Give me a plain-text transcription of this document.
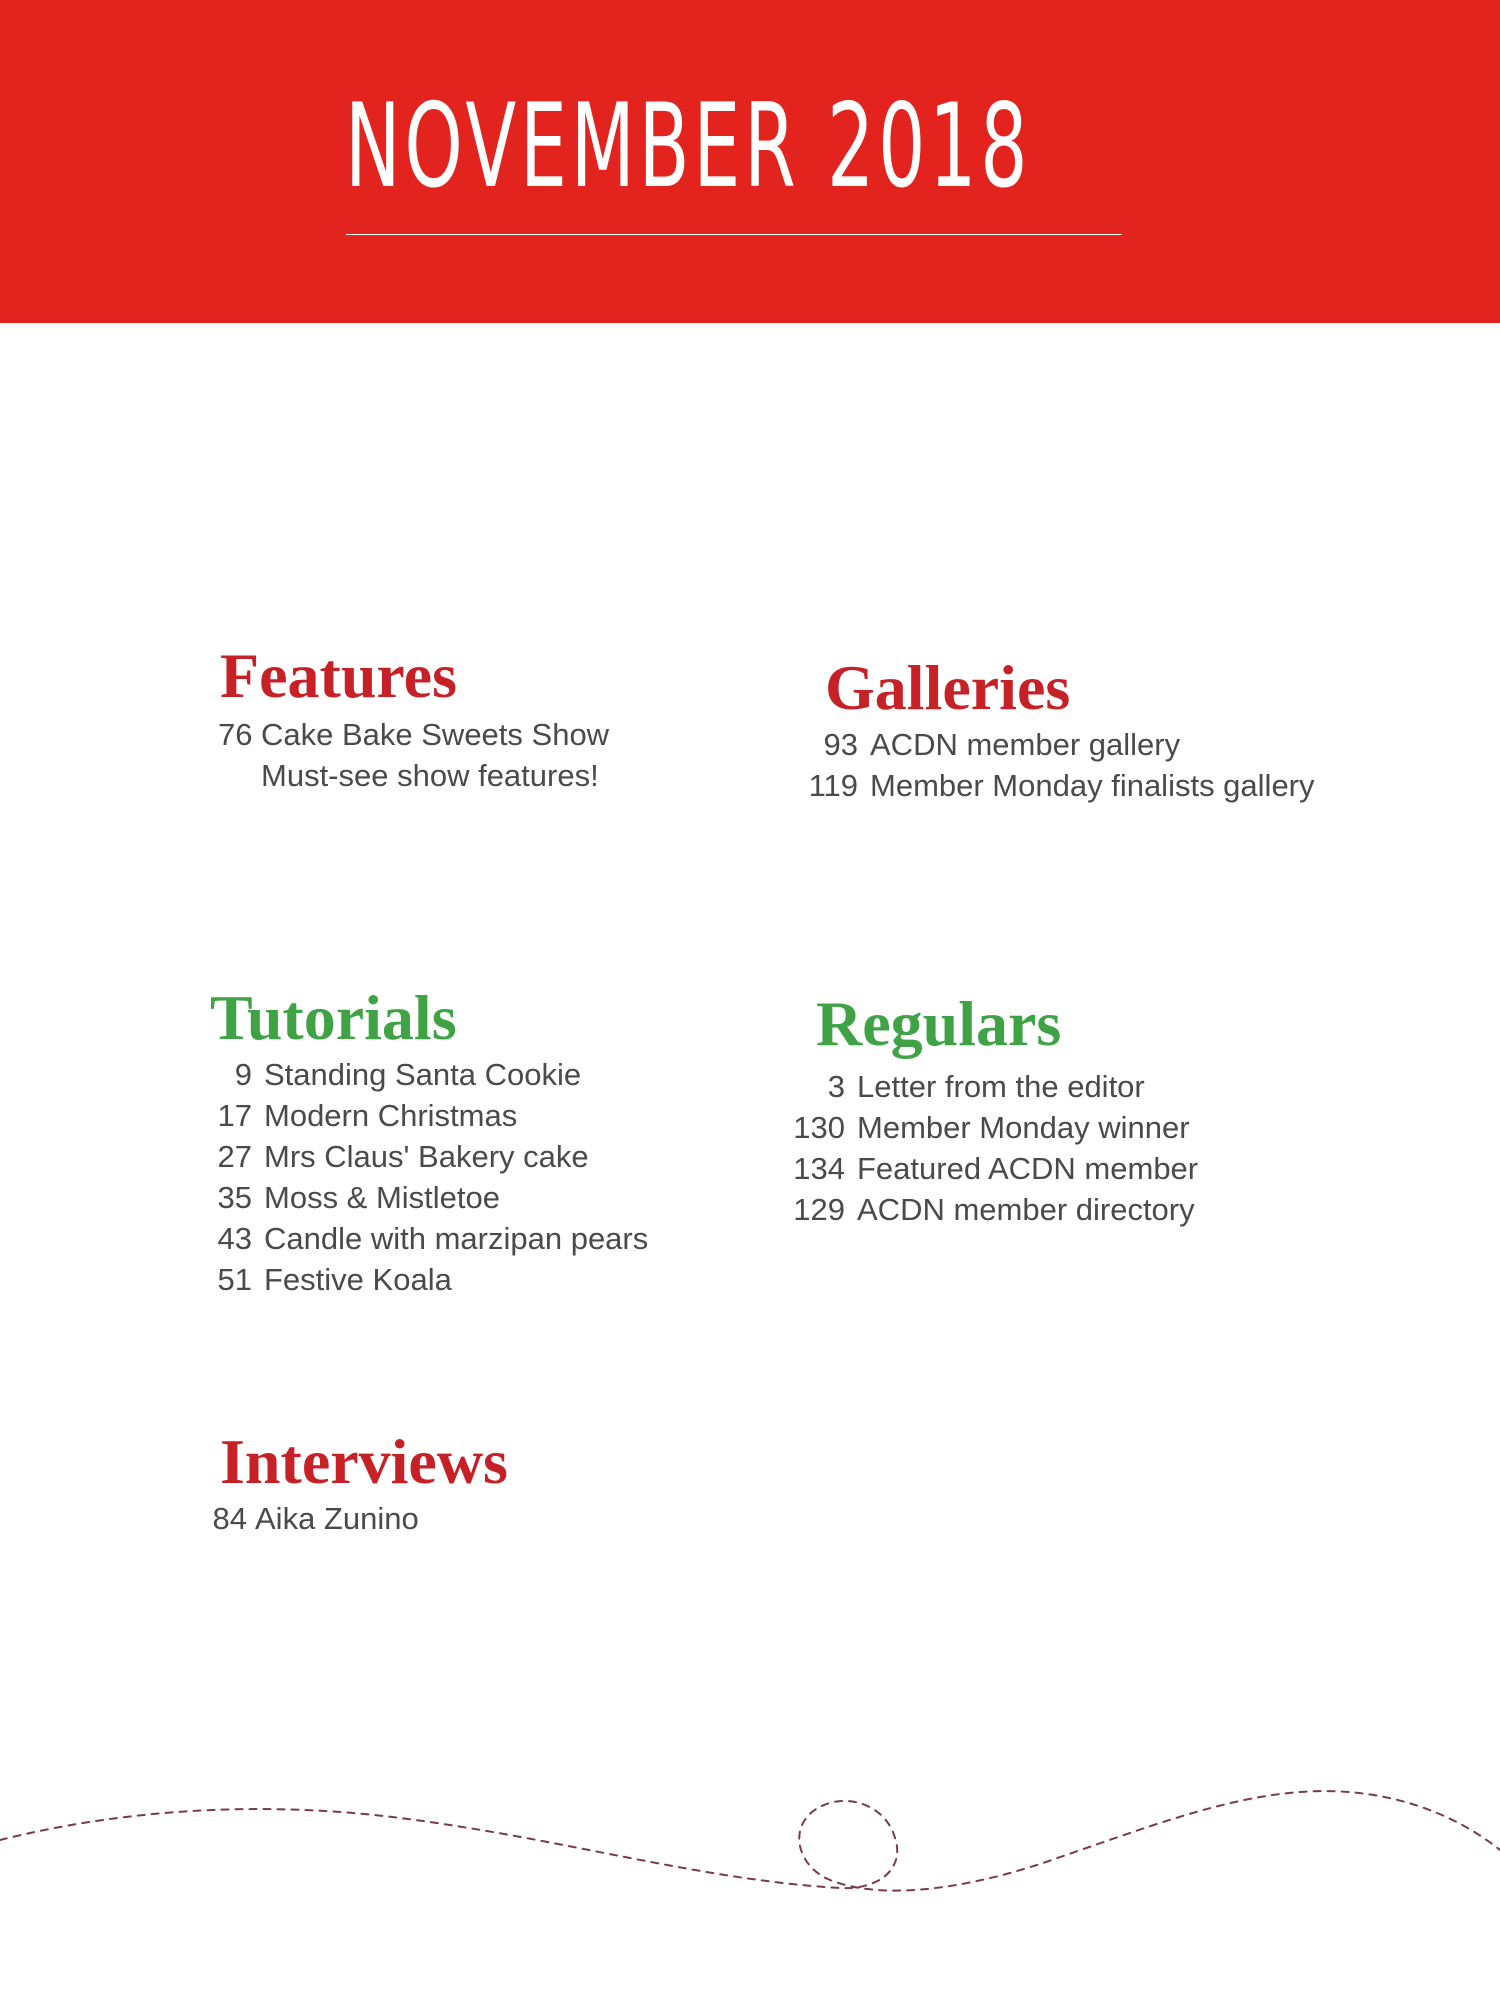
NOVEMBER 2018
Features
76 Cake Bake Sweets Show
Must-see show features!
Galleries
93 ACDN member gallery
119 Member Monday finalists gallery
Tutorials
9 Standing Santa Cookie
17 Modern Christmas
27 Mrs Claus' Bakery cake
35 Moss & Mistletoe
43 Candle with marzipan pears
51 Festive Koala
Regulars
3 Letter from the editor
130 Member Monday winner
134 Featured ACDN member
129 ACDN member directory
Interviews
84 Aika Zunino
